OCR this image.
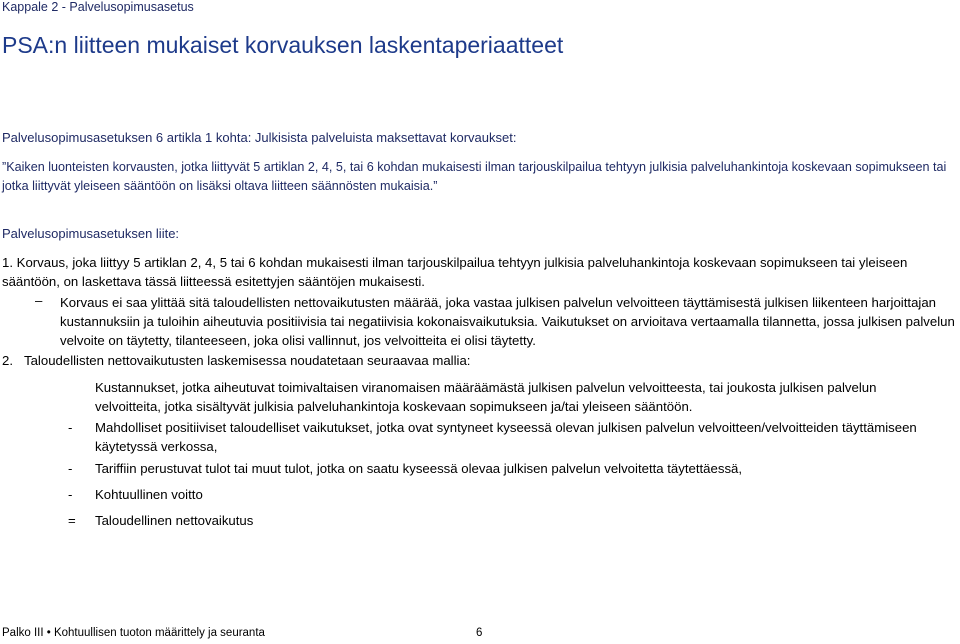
Kappale 2 - Palvelusopimusasetus
PSA:n liitteen mukaiset korvauksen laskentaperiaatteet
Palvelusopimusasetuksen 6 artikla 1 kohta: Julkisista palveluista maksettavat korvaukset:
”Kaiken luonteisten korvausten, jotka liittyvät 5 artiklan 2, 4, 5, tai 6 kohdan mukaisesti ilman tarjouskilpailua tehtyyn julkisia palveluhankintoja koskevaan sopimukseen tai jotka liittyvät yleiseen sääntöön on lisäksi oltava liitteen säännösten mukaisia.”
Palvelusopimusasetuksen liite:
1. Korvaus, joka liittyy 5 artiklan 2, 4, 5 tai 6 kohdan mukaisesti ilman tarjouskilpailua tehtyyn julkisia palveluhankintoja koskevaan sopimukseen tai yleiseen sääntöön, on laskettava tässä liitteessä esitettyjen sääntöjen mukaisesti.
– Korvaus ei saa ylittää sitä taloudellisten nettovaikutusten määrää, joka vastaa julkisen palvelun velvoitteen täyttämisestä julkisen liikenteen harjoittajan kustannuksiin ja tuloihin aiheutuvia positiivisia tai negatiivisia kokonaisvaikutuksia. Vaikutukset on arvioitava vertaamalla tilannetta, jossa julkisen palvelun velvoite on täytetty, tilanteeseen, joka olisi vallinnut, jos velvoitteita ei olisi täytetty.
2. Taloudellisten nettovaikutusten laskemisessa noudatetaan seuraavaa mallia:
Kustannukset, jotka aiheutuvat toimivaltaisen viranomaisen määräämästä julkisen palvelun velvoitteesta, tai joukosta julkisen palvelun velvoitteita, jotka sisältyvät julkisia palveluhankintoja koskevaan sopimukseen ja/tai yleiseen sääntöön.
-	Mahdolliset positiiviset taloudelliset vaikutukset, jotka ovat syntyneet kyseessä olevan julkisen palvelun velvoitteen/velvoitteiden täyttämiseen käytetyssä verkossa,
-	Tariffiin perustuvat tulot tai muut tulot, jotka on saatu kyseessä olevaa julkisen palvelun velvoitetta täytettäessä,
-	Kohtuullinen voitto
=	Taloudellinen nettovaikutus
Palko III • Kohtuullisen tuoton määrittely ja seuranta	6
